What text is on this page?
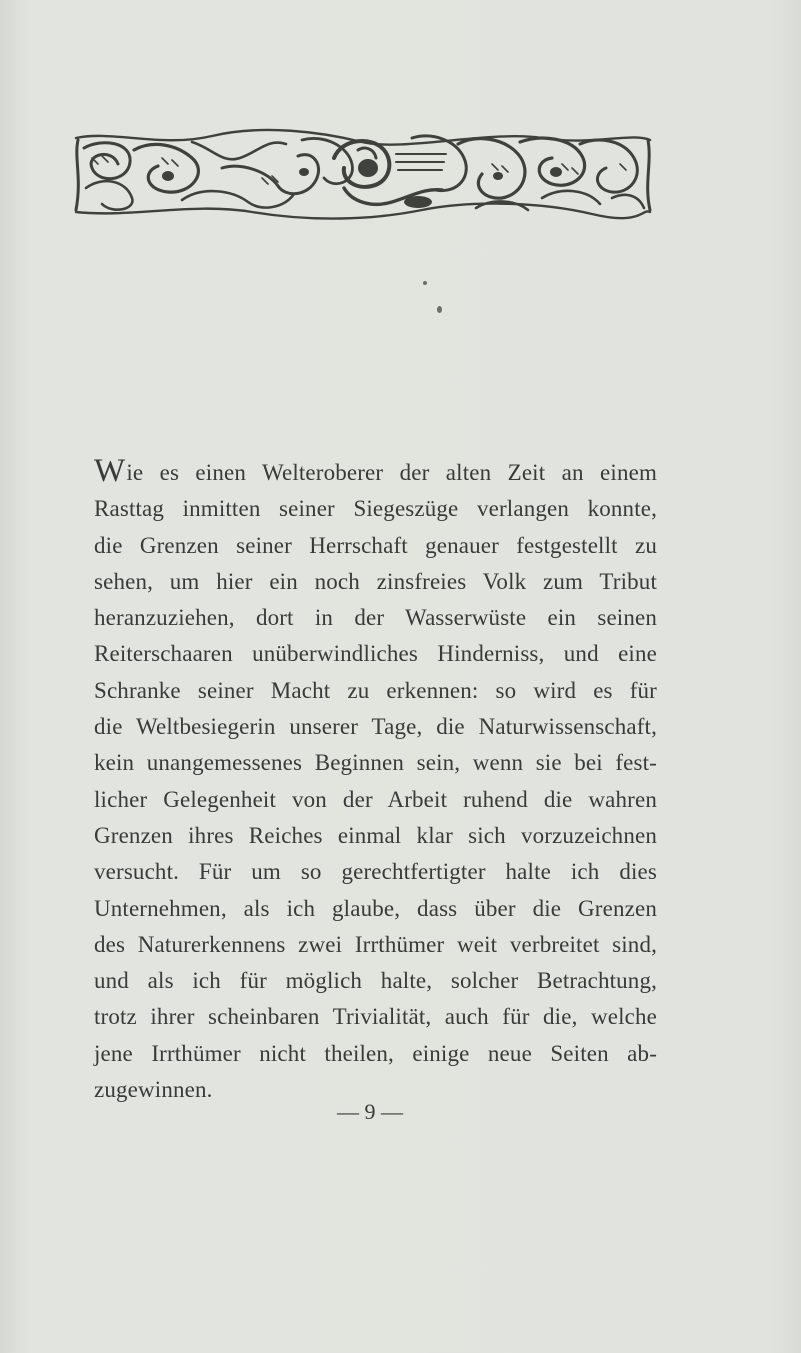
Wie es einen Welteroberer der alten Zeit an einem
Rasttag inmitten seiner Siegeszüge verlangen konnte,
die Grenzen seiner Herrschaft genauer festgestellt zu
sehen, um hier ein noch zinsfreies Volk zum Tribut
heranzuziehen, dort in der Wasserwüste ein seinen
Reiterschaaren unüberwindliches Hinderniss, und eine
Schranke seiner Macht zu erkennen: so wird es für
die Weltbesiegerin unserer Tage, die Naturwissenschaft,
kein unangemessenes Beginnen sein, wenn sie bei fest-
licher Gelegenheit von der Arbeit ruhend die wahren
Grenzen ihres Reiches einmal klar sich vorzuzeichnen
versucht. Für um so gerechtfertigter halte ich dies
Unternehmen, als ich glaube, dass über die Grenzen
des Naturerkennens zwei Irrthümer weit verbreitet sind,
und als ich für möglich halte, solcher Betrachtung,
trotz ihrer scheinbaren Trivialität, auch für die, welche
jene Irrthümer nicht theilen, einige neue Seiten ab-
zugewinnen.
— 9 —
